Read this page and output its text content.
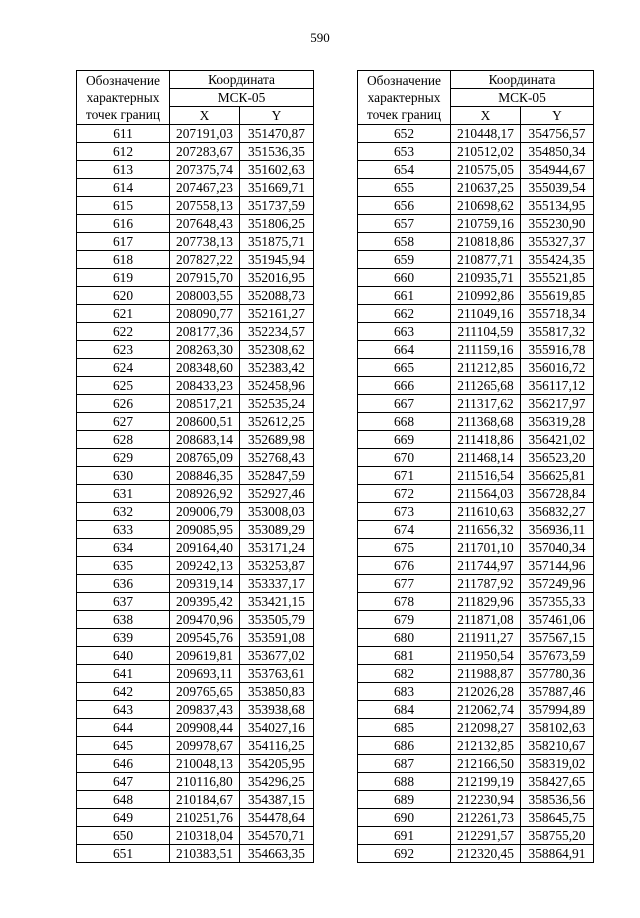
590
Обозначение
характерных
точек границ	Координата	
	МСК-05	
	X	Y
611	207191,03	351470,87
612	207283,67	351536,35
613	207375,74	351602,63
614	207467,23	351669,71
615	207558,13	351737,59
616	207648,43	351806,25
617	207738,13	351875,71
618	207827,22	351945,94
619	207915,70	352016,95
620	208003,55	352088,73
621	208090,77	352161,27
622	208177,36	352234,57
623	208263,30	352308,62
624	208348,60	352383,42
625	208433,23	352458,96
626	208517,21	352535,24
627	208600,51	352612,25
628	208683,14	352689,98
629	208765,09	352768,43
630	208846,35	352847,59
631	208926,92	352927,46
632	209006,79	353008,03
633	209085,95	353089,29
634	209164,40	353171,24
635	209242,13	353253,87
636	209319,14	353337,17
637	209395,42	353421,15
638	209470,96	353505,79
639	209545,76	353591,08
640	209619,81	353677,02
641	209693,11	353763,61
642	209765,65	353850,83
643	209837,43	353938,68
644	209908,44	354027,16
645	209978,67	354116,25
646	210048,13	354205,95
647	210116,80	354296,25
648	210184,67	354387,15
649	210251,76	354478,64
650	210318,04	354570,71
651	210383,51	354663,35
Обозначение
характерных
точек границ	Координата	
	МСК-05	
	X	Y
652	210448,17	354756,57
653	210512,02	354850,34
654	210575,05	354944,67
655	210637,25	355039,54
656	210698,62	355134,95
657	210759,16	355230,90
658	210818,86	355327,37
659	210877,71	355424,35
660	210935,71	355521,85
661	210992,86	355619,85
662	211049,16	355718,34
663	211104,59	355817,32
664	211159,16	355916,78
665	211212,85	356016,72
666	211265,68	356117,12
667	211317,62	356217,97
668	211368,68	356319,28
669	211418,86	356421,02
670	211468,14	356523,20
671	211516,54	356625,81
672	211564,03	356728,84
673	211610,63	356832,27
674	211656,32	356936,11
675	211701,10	357040,34
676	211744,97	357144,96
677	211787,92	357249,96
678	211829,96	357355,33
679	211871,08	357461,06
680	211911,27	357567,15
681	211950,54	357673,59
682	211988,87	357780,36
683	212026,28	357887,46
684	212062,74	357994,89
685	212098,27	358102,63
686	212132,85	358210,67
687	212166,50	358319,02
688	212199,19	358427,65
689	212230,94	358536,56
690	212261,73	358645,75
691	212291,57	358755,20
692	212320,45	358864,91
